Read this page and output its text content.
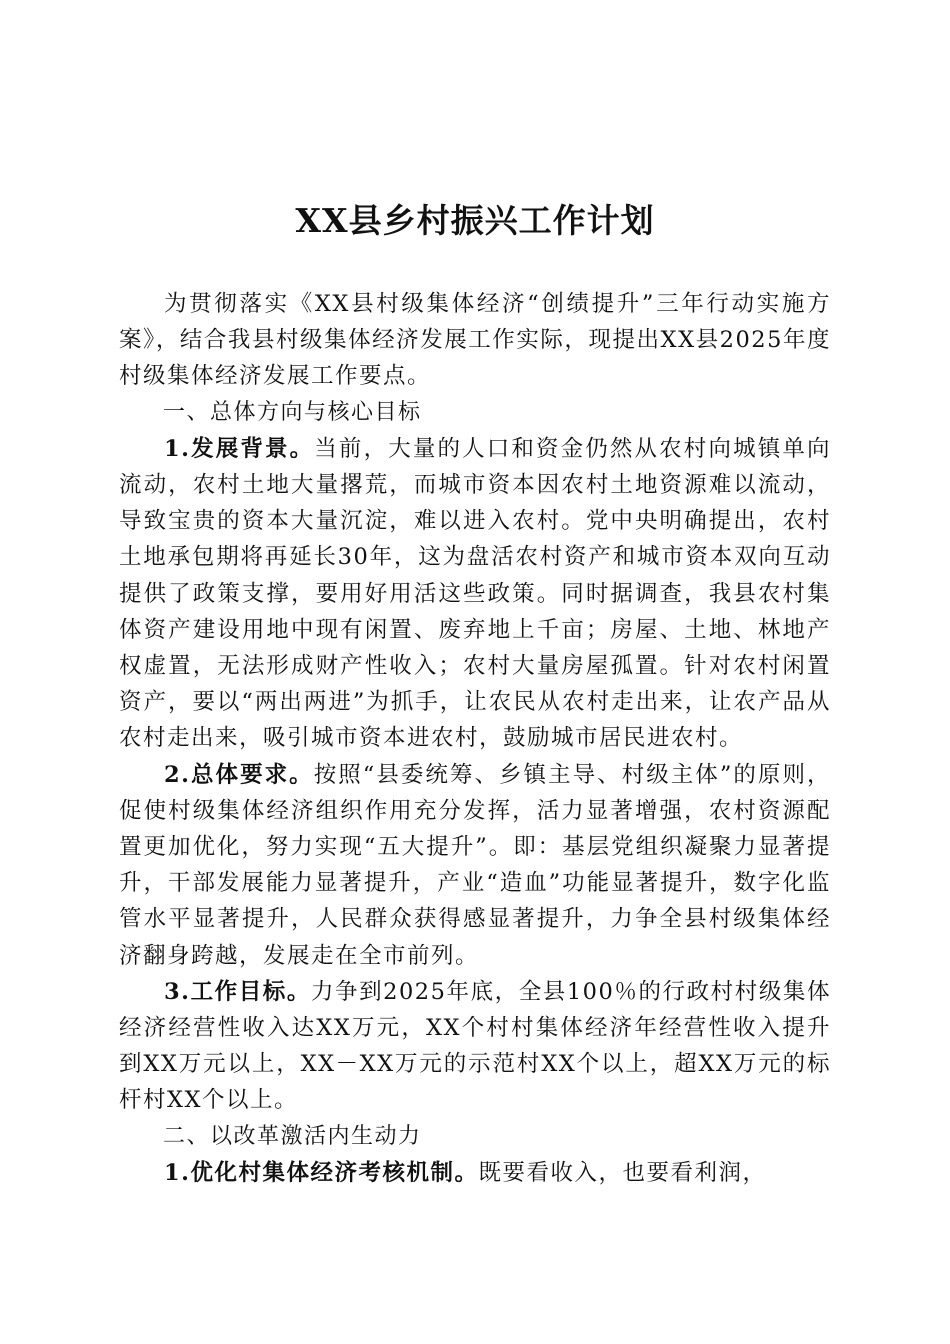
XX县乡村振兴工作计划

为贯彻落实《XX县村级集体经济“创绩提升”三年行动实施方案》，结合我县村级集体经济发展工作实际，现提出XX县2025年度村级集体经济发展工作要点。

一、总体方向与核心目标

1.发展背景。当前，大量的人口和资金仍然从农村向城镇单向流动，农村土地大量撂荒，而城市资本因农村土地资源难以流动，导致宝贵的资本大量沉淀，难以进入农村。党中央明确提出，农村土地承包期将再延长30年，这为盘活农村资产和城市资本双向互动提供了政策支撑，要用好用活这些政策。同时据调查，我县农村集体资产建设用地中现有闲置、废弃地上千亩；房屋、土地、林地产权虚置，无法形成财产性收入；农村大量房屋孤置。针对农村闲置资产，要以“两出两进”为抓手，让农民从农村走出来，让农产品从农村走出来，吸引城市资本进农村，鼓励城市居民进农村。

2.总体要求。按照“县委统筹、乡镇主导、村级主体”的原则，促使村级集体经济组织作用充分发挥，活力显著增强，农村资源配置更加优化，努力实现“五大提升”。即：基层党组织凝聚力显著提升，干部发展能力显著提升，产业“造血”功能显著提升，数字化监管水平显著提升，人民群众获得感显著提升，力争全县村级集体经济翻身跨越，发展走在全市前列。

3.工作目标。力争到2025年底，全县100％的行政村村级集体经济经营性收入达XX万元，XX个村村集体经济年经营性收入提升到XX万元以上，XX－XX万元的示范村XX个以上，超XX万元的标杆村XX个以上。

二、以改革激活内生动力

1.优化村集体经济考核机制。既要看收入，也要看利润，
